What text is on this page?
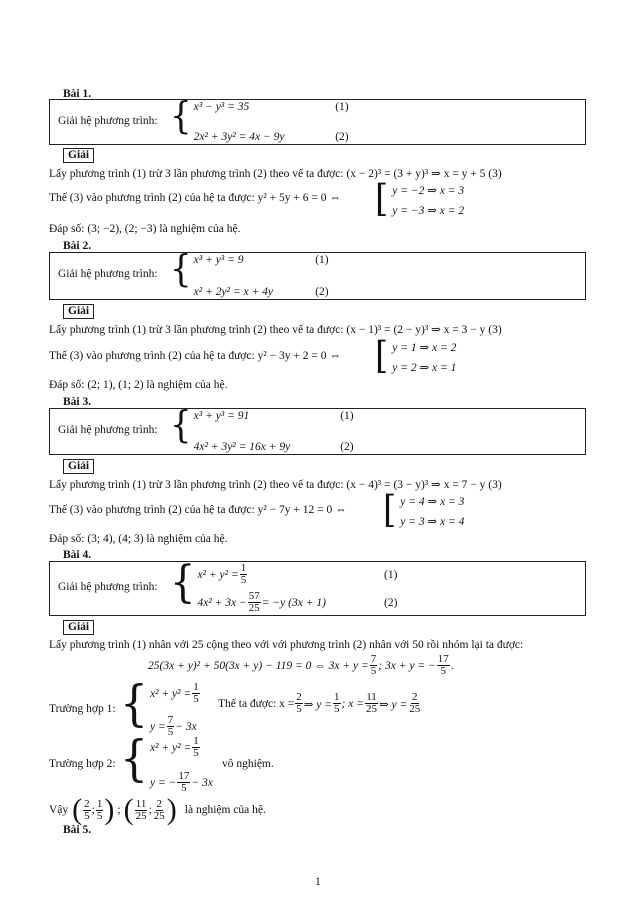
Bài 1.
Giải hệ phương trình: { x³ − y³ = 35	(1)
2x² + 3y² = 4x − 9y	(2)
Giải
Lấy phương trình (1) trừ 3 lần phương trình (2) theo vế ta được: (x − 2)³ = (3 + y)³ ⇒ x = y + 5 (3)
Thế (3) vào phương trình (2) của hệ ta được: y² + 5y + 6 = 0 ⇔ [ y = −2 ⇒ x = 3
y = −3 ⇒ x = 2
Đáp số: (3; −2), (2; −3) là nghiệm của hệ.
Bài 2.
Giải hệ phương trình: { x³ + y³ = 9	(1)
x² + 2y² = x + 4y	(2)
Giải
Lấy phương trình (1) trừ 3 lần phương trình (2) theo vế ta được: (x − 1)³ = (2 − y)³ ⇒ x = 3 − y (3)
Thế (3) vào phương trình (2) của hệ ta được: y² − 3y + 2 = 0 ⇔ [ y = 1 ⇒ x = 2
y = 2 ⇒ x = 1
Đáp số: (2; 1), (1; 2) là nghiệm của hệ.
Bài 3.
Giải hệ phương trình: { x³ + y³ = 91	(1)
4x² + 3y² = 16x + 9y	(2)
Giải
Lấy phương trình (1) trừ 3 lần phương trình (2) theo vế ta được: (x − 4)³ = (3 − y)³ ⇒ x = 7 − y (3)
Thế (3) vào phương trình (2) của hệ ta được: y² − 7y + 12 = 0 ⇔ [ y = 4 ⇒ x = 3
y = 3 ⇒ x = 4
Đáp số: (3; 4), (4; 3) là nghiệm của hệ.
Bài 4.
Giải hệ phương trình: { $x^2 + y^2 = \frac{1}{5}$	(1)
$4x^2 + 3x - \frac{57}{25} = -y$ (3x + 1)	(2)
Giải
Lấy phương trình (1) nhân với 25 cộng theo với với phương trình (2) nhân với 50 rồi nhóm lại ta được:
25(3x + y)² + 50(3x + y) − 119 = 0 ⇔ $3x + y = \frac{7}{5}$ ; 3x + y = − $\frac{17}{5}$ .
Trường hợp 1: { $x^2 + y^2 = \frac{1}{5}$
$y = \frac{7}{5} - 3x$
Thế ta được: $x = \frac{2}{5}$ ⇒ $y = \frac{1}{5}$ ; $x = \frac{11}{25}$ ⇒ $y = \frac{2}{25}$
Trường hợp 2: { $x^2 + y^2 = \frac{1}{5}$
y = − $\frac{17}{5} - 3x$
vô nghiệm.
Vậy ( $\frac{2}{5}$ ; $\frac{1}{5}$ ) ; ( $\frac{11}{25}$ ; $\frac{2}{25}$ ) là nghiệm của hệ.
Bài 5.
1
